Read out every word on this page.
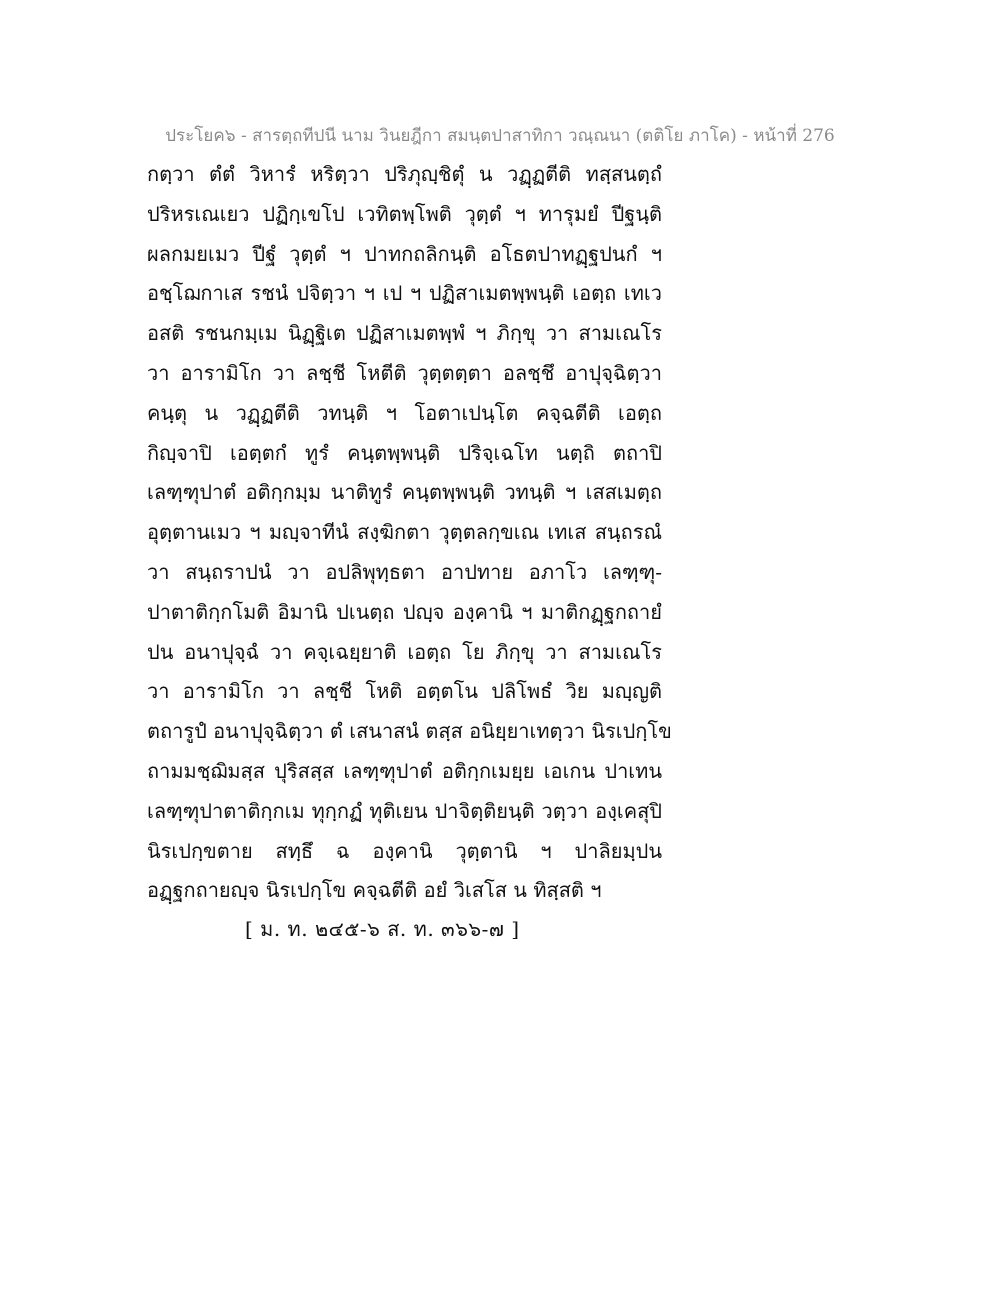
ประโยค๖ - สารตฺถทีปนี นาม วินยฎีกา สมนฺตปาสาทิกา วณฺณนา (ตติโย ภาโค) - หน้าที่ 276
กตฺวา ตํตํ วิหารํ หริตฺวา ปริภุญฺชิตุํ น วฏฺฏตีติ ทสฺสนตฺถํ
ปริหรเณเยว ปฏิกฺเขโป เวทิตพฺโพติ วุตฺตํ ฯ ทารุมยํ ปีฐนฺติ
ผลกมยเมว ปีฐํ วุตฺตํ ฯ ปาทกถลิกนฺติ อโธตปาทฏฺฐปนกํ ฯ
อชฺโฌกาเส รชนํ ปจิตฺวา ฯ เป ฯ ปฏิสาเมตพฺพนฺติ เอตฺถ เทเว
อสติ รชนกมฺเม นิฏฺฐิเต ปฏิสาเมตพฺพํ ฯ ภิกฺขุ วา สามเณโร
วา อารามิโก วา ลชฺชี โหตีติ วุตฺตตฺตา อลชฺชึ อาปุจฺฉิตฺวา
คนฺตุ น วฏฺฏตีติ วทนฺติ ฯ โอตาเปนฺโต คจฺฉตีติ เอตฺถ
กิญฺจาปิ เอตฺตกํ ทูรํ คนฺตพฺพนฺติ ปริจฺเฉโท นตฺถิ ตถาปิ
เลฑฺฑุปาตํ อติกฺกมฺม นาติทูรํ คนฺตพฺพนฺติ วทนฺติ ฯ เสสเมตฺถ
อุตฺตานเมว ฯ มญฺจาทีนํ สงฺฆิกตา วุตฺตลกฺขเณ เทเส สนฺถรณํ
วา สนฺถราปนํ วา อปลิพุทฺธตา อาปทาย อภาโว เลฑฺฑุ-
ปาตาติกฺกโมติ อิมานิ ปเนตฺถ ปญฺจ องฺคานิ ฯ มาติกฏฺฐกถายํ
ปน อนาปุจฺฉํ วา คจฺเฉยฺยาติ เอตฺถ โย ภิกฺขุ วา สามเณโร
วา อารามิโก วา ลชฺชี โหติ อตฺตโน ปลิโพธํ วิย มญฺญติ
ตถารูปํ อนาปุจฺฉิตฺวา ตํ เสนาสนํ ตสฺส อนิยฺยาเทตฺวา นิรเปกฺโข
ถามมชฺฌิมสฺส ปุริสสฺส เลฑฺฑุปาตํ อติกฺกเมยฺย เอเกน ปาเทน
เลฑฺฑุปาตาติกฺกเม ทุกฺกฏํ ทุติเยน ปาจิตฺติยนฺติ วตฺวา องฺเคสุปิ
นิรเปกฺขตาย สทฺธึ ฉ องฺคานิ วุตฺตานิ ฯ ปาลิยมฺปน
อฏฺฐกถายญฺจ นิรเปกฺโข คจฺฉตีติ อยํ วิเสโส น ทิสฺสติ ฯ
[ ม. ท. ๒๔๕-๖ ส. ท. ๓๖๖-๗ ]
